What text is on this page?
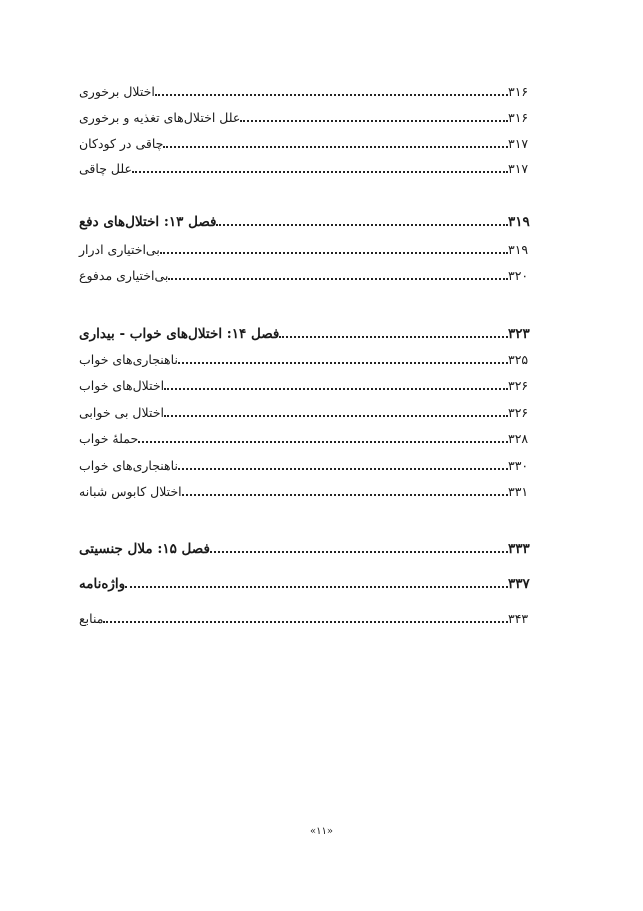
اختلال برخوری	۳۱۶
علل اختلال‌های تغذیه و برخوری	۳۱۶
چاقی در کودکان	۳۱۷
علل چاقی	۳۱۷
فصل ۱۳: اختلال‌های دفع	۳۱۹
بی‌اختیاری ادرار	۳۱۹
بی‌اختیاری مدفوع	۳۲۰
فصل ۱۴: اختلال‌های خواب - بیداری	۳۲۳
ناهنجاری‌های خواب	۳۲۵
اختلال‌های خواب	۳۲۶
اختلال بی خوابی	۳۲۶
حملهٔ خواب	۳۲۸
ناهنجاری‌های خواب	۳۳۰
اختلال کابوس شبانه	۳۳۱
فصل ۱۵: ملال جنسیتی	۳۳۳
واژه‌نامه	۳۳۷
منابع	۳۴۳
«۱۱»
